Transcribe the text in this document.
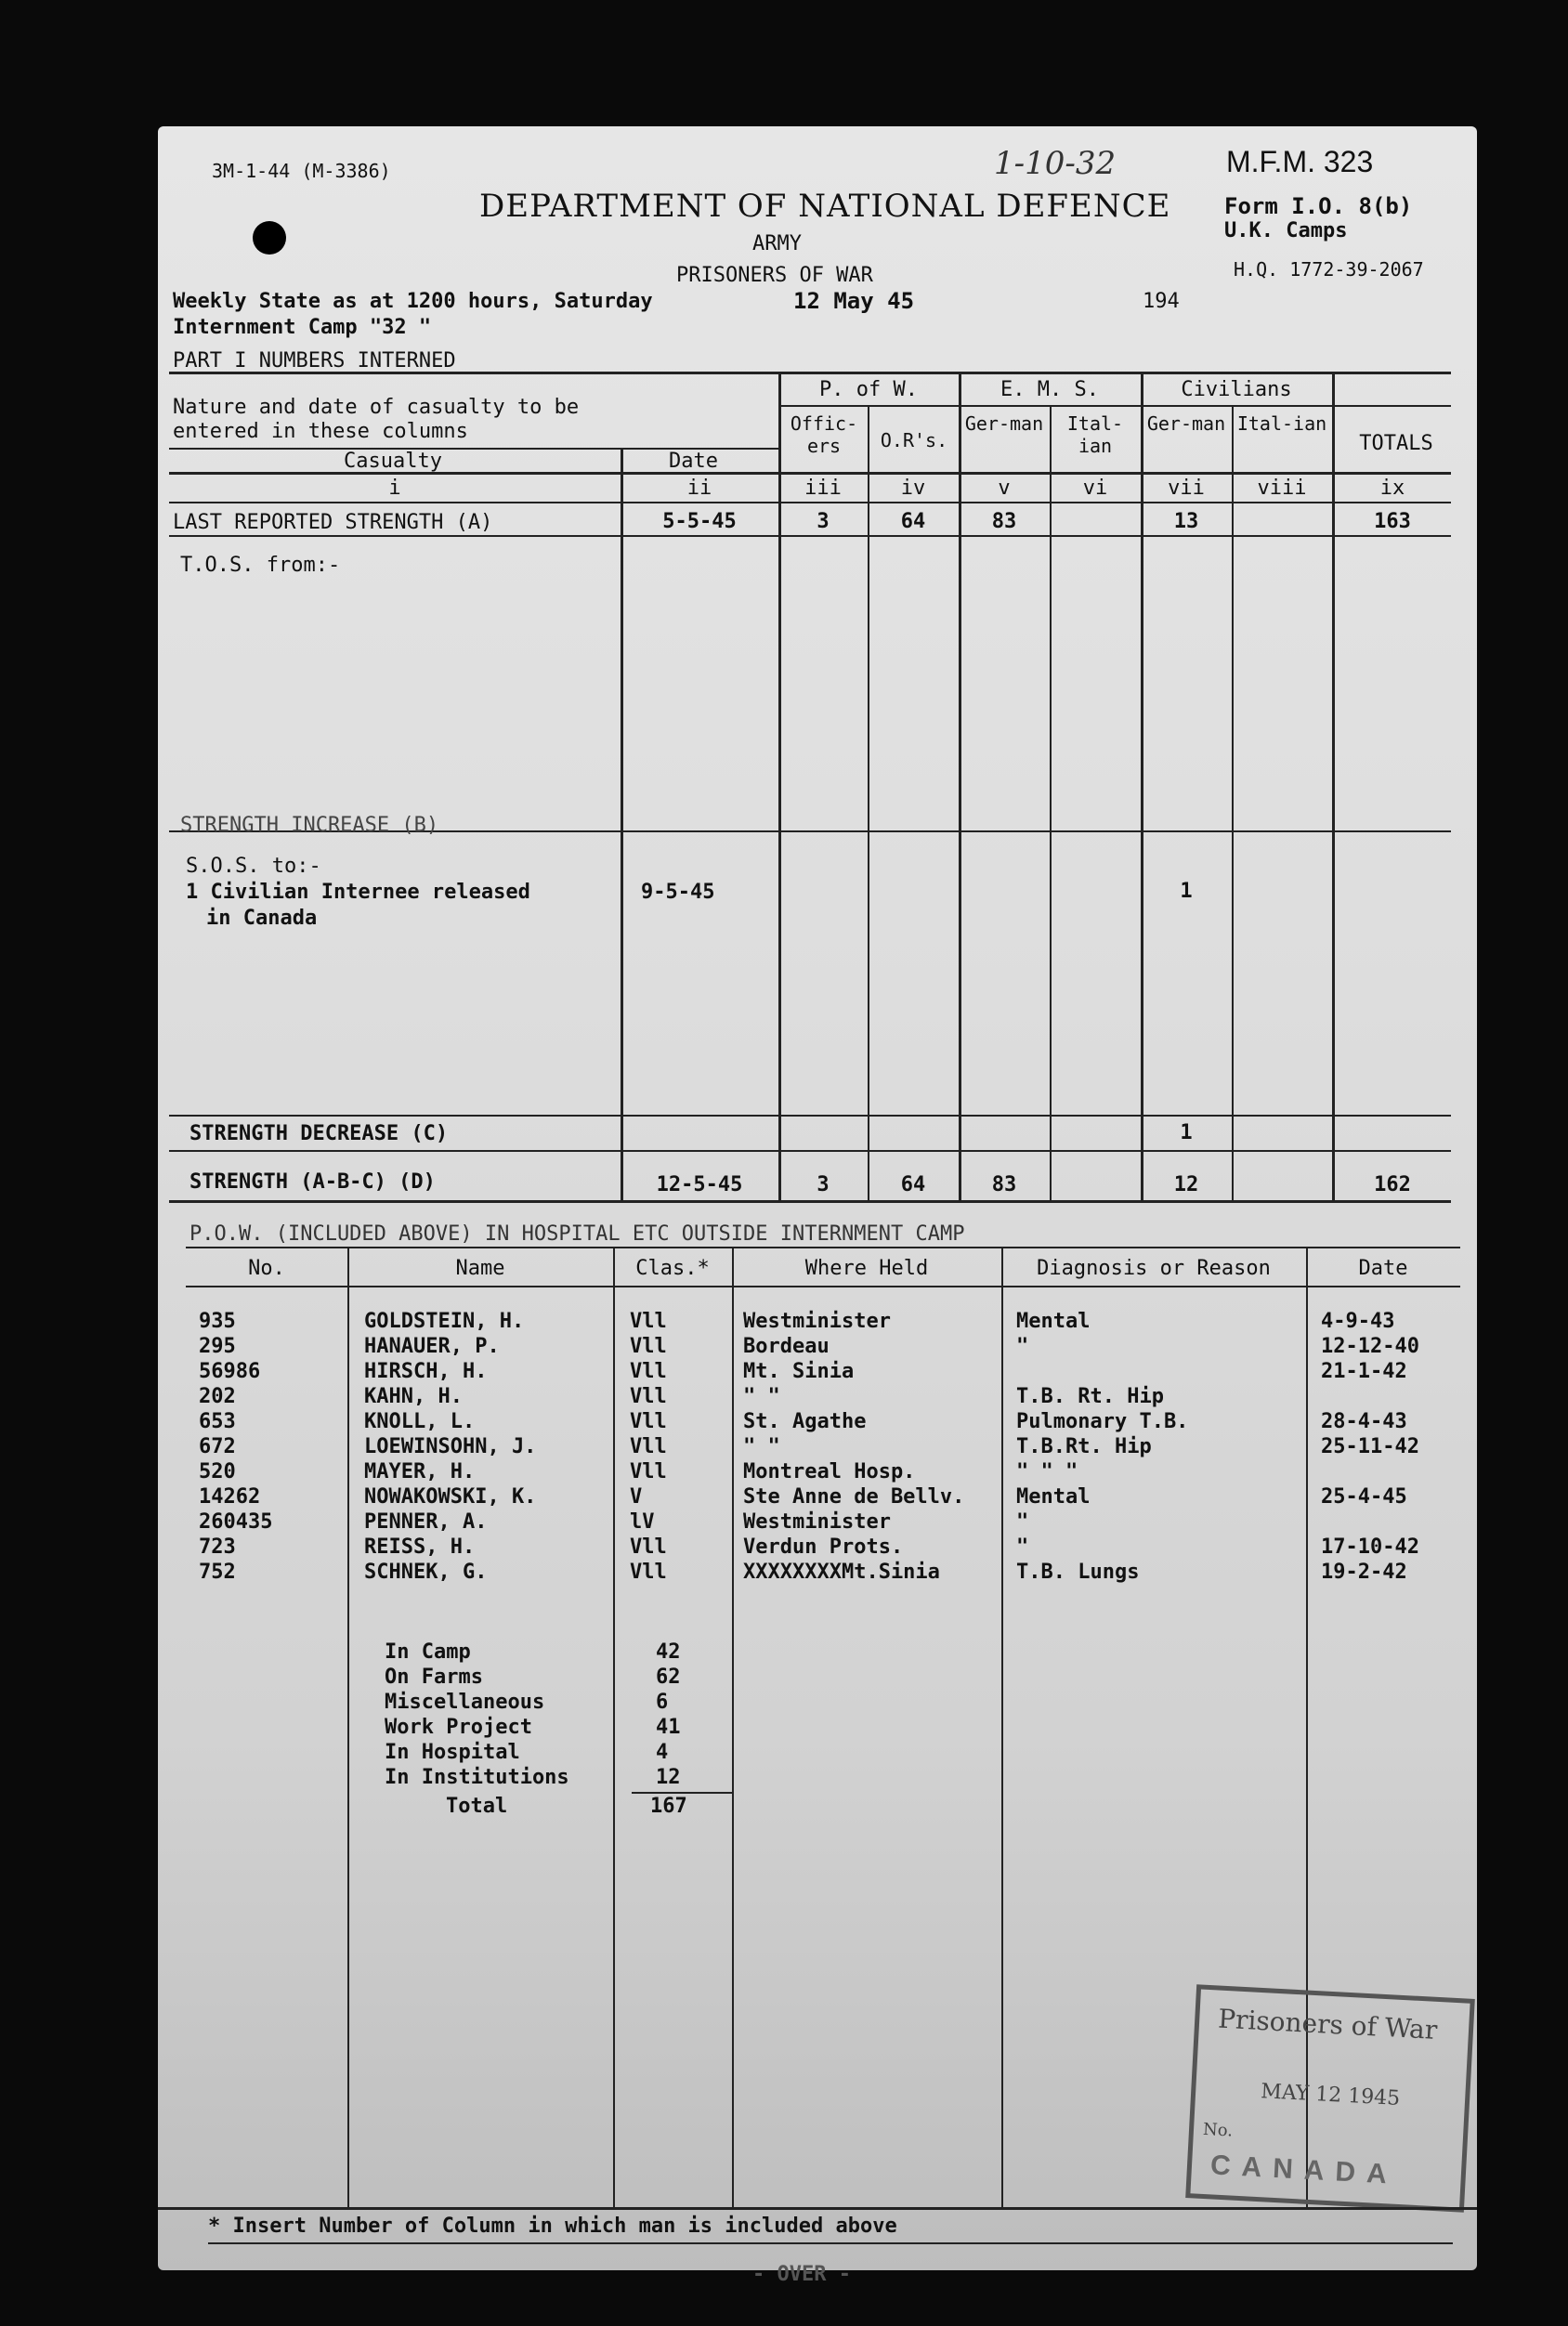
3M-1-44 (M-3386)	1-10-32	M.F.M. 323
DEPARTMENT OF NATIONAL DEFENCE Form I.O. 8(b)
U.K. Camps
ARMY
H.Q. 1772-39-2067
PRISONERS OF WAR
Weekly State as at 1200 hours, Saturday	12 May 45	194
Internment Camp "32 "
PART I NUMBERS INTERNED
Nature and date of casualty to be
entered in these columns
Casualty	Date
P. of W.	E. M. S.	Civilians
Offic-ers	O.R's.
Ger-man	Ital-ian
Ger-man Ital-ian
TOTALS
i	ii	iii	iv	v	vi	vii	viii	ix
LAST REPORTED STRENGTH (A)	5-5-45	3	64	83	13	163
T.O.S. from:-
STRENGTH INCREASE (B)
S.O.S. to:-
1 Civilian Internee released
in Canada
9-5-45	1
STRENGTH DECREASE (C)	1
STRENGTH (A-B-C) (D)	12-5-45	3	64	83	12	162
P.O.W. (INCLUDED ABOVE) IN HOSPITAL ETC OUTSIDE INTERNMENT CAMP
No.	Name	Clas.*	Where Held	Diagnosis or Reason	Date
935	GOLDSTEIN, H.	Vll	Westminister	Mental	4-9-43
295	HANAUER, P.	Vll	Bordeau	"	12-12-40
56986	HIRSCH, H.	Vll	Mt. Sinia	21-1-42
202	KAHN, H.	Vll	" "	T.B. Rt. Hip
653	KNOLL, L.	Vll	St. Agathe	Pulmonary T.B.	28-4-43
672	LOEWINSOHN, J.	Vll	" "	T.B.Rt. Hip	25-11-42
520	MAYER, H.	Vll	Montreal Hosp.	" " "
14262	NOWAKOWSKI, K.	V	Ste Anne de Bellv.	Mental	25-4-45
260435	PENNER, A.	lV	Westminister	"
723	REISS, H.	Vll	Verdun Prots.	"	17-10-42
752	SCHNEK, G.	Vll	XXXXXXXXMt.Sinia	T.B. Lungs	19-2-42
In Camp	42
On Farms	62
Miscellaneous	6
Work Project	41
In Hospital	4
In Institutions	12
Total	167
Prisoners of War
MAY 12 1945
No.
CANADA
* Insert Number of Column in which man is included above
- OVER -
